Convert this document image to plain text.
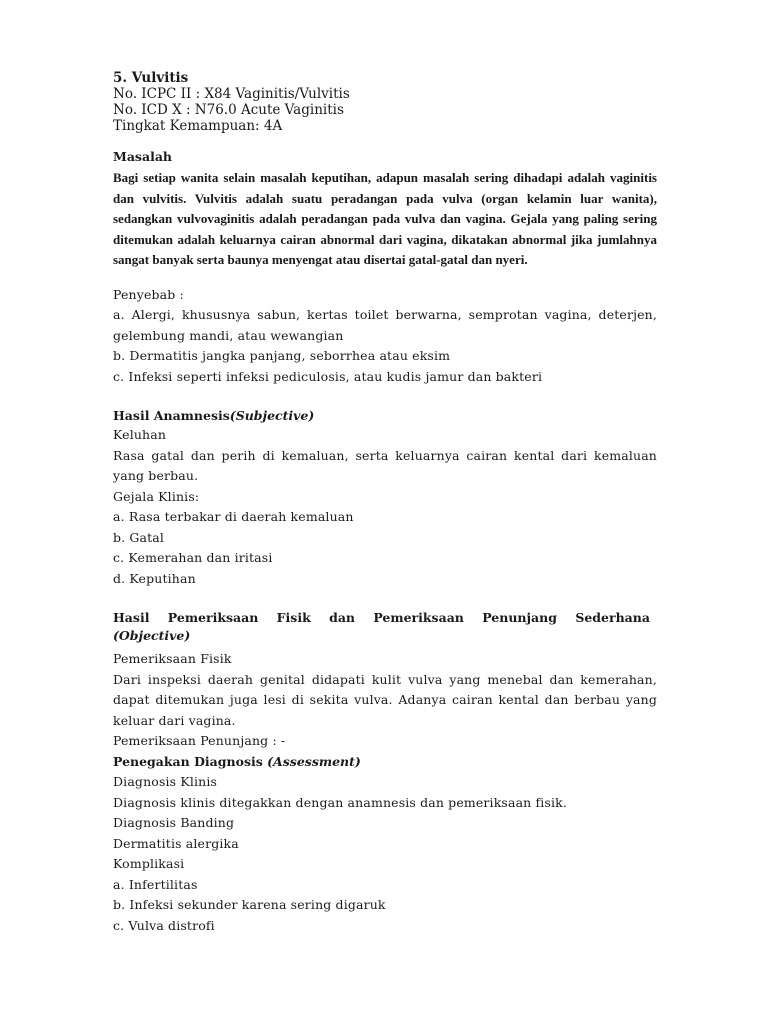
5. Vulvitis

No. ICPC II : X84 Vaginitis/Vulvitis

No. ICD X : N76.0 Acute Vaginitis

Tingkat Kemampuan: 4A

Masalah

Bagi setiap wanita selain masalah keputihan, adapun masalah sering dihadapi adalah vaginitis dan vulvitis. Vulvitis adalah suatu peradangan pada vulva (organ kelamin luar wanita), sedangkan vulvovaginitis adalah peradangan pada vulva dan vagina. Gejala yang paling sering ditemukan adalah keluarnya cairan abnormal dari vagina, dikatakan abnormal jika jumlahnya sangat banyak serta baunya menyengat atau disertai gatal-gatal dan nyeri.

Penyebab :

a. Alergi, khususnya sabun, kertas toilet berwarna, semprotan vagina, deterjen, gelembung mandi, atau wewangian

b. Dermatitis jangka panjang, seborrhea atau eksim

c. Infeksi seperti infeksi pediculosis, atau kudis jamur dan bakteri

Hasil Anamnesis(Subjective)

Keluhan

Rasa gatal dan perih di kemaluan, serta keluarnya cairan kental dari kemaluan yang berbau.

Gejala Klinis:

a. Rasa terbakar di daerah kemaluan

b. Gatal

c. Kemerahan dan iritasi

d. Keputihan

Hasil Pemeriksaan Fisik dan Pemeriksaan Penunjang Sederhana

(Objective)

Pemeriksaan Fisik

Dari inspeksi daerah genital didapati kulit vulva yang menebal dan kemerahan, dapat ditemukan juga lesi di sekita vulva. Adanya cairan kental dan berbau yang keluar dari vagina.

Pemeriksaan Penunjang : -

Penegakan Diagnosis (Assessment)

Diagnosis Klinis

Diagnosis klinis ditegakkan dengan anamnesis dan pemeriksaan fisik.

Diagnosis Banding

Dermatitis alergika

Komplikasi

a. Infertilitas

b. Infeksi sekunder karena sering digaruk

c. Vulva distrofi
